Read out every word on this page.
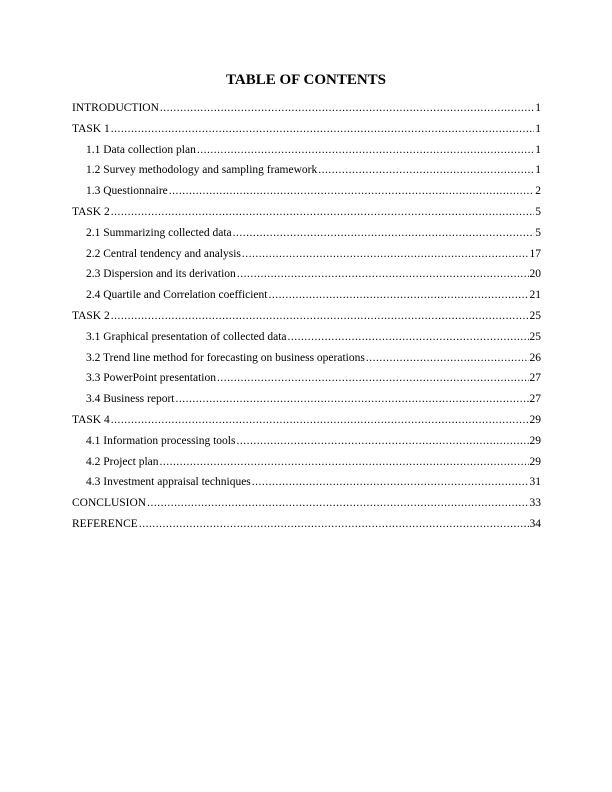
TABLE OF CONTENTS
INTRODUCTION .....	1
TASK 1 .....	1
1.1 Data collection plan .....	1
1.2 Survey methodology and sampling framework .....	1
1.3 Questionnaire .....	2
TASK 2 .....	5
2.1 Summarizing collected data .....	5
2.2 Central tendency and analysis .....	17
2.3 Dispersion and its derivation .....	20
2.4 Quartile and Correlation coefficient .....	21
TASK 2 .....	25
3.1 Graphical presentation of collected data .....	25
3.2 Trend line method for forecasting on business operations .....	26
3.3 PowerPoint presentation .....	27
3.4 Business report .....	27
TASK 4 .....	29
4.1 Information processing tools .....	29
4.2 Project plan .....	29
4.3 Investment appraisal techniques .....	31
CONCLUSION .....	33
REFERENCE .....	34
